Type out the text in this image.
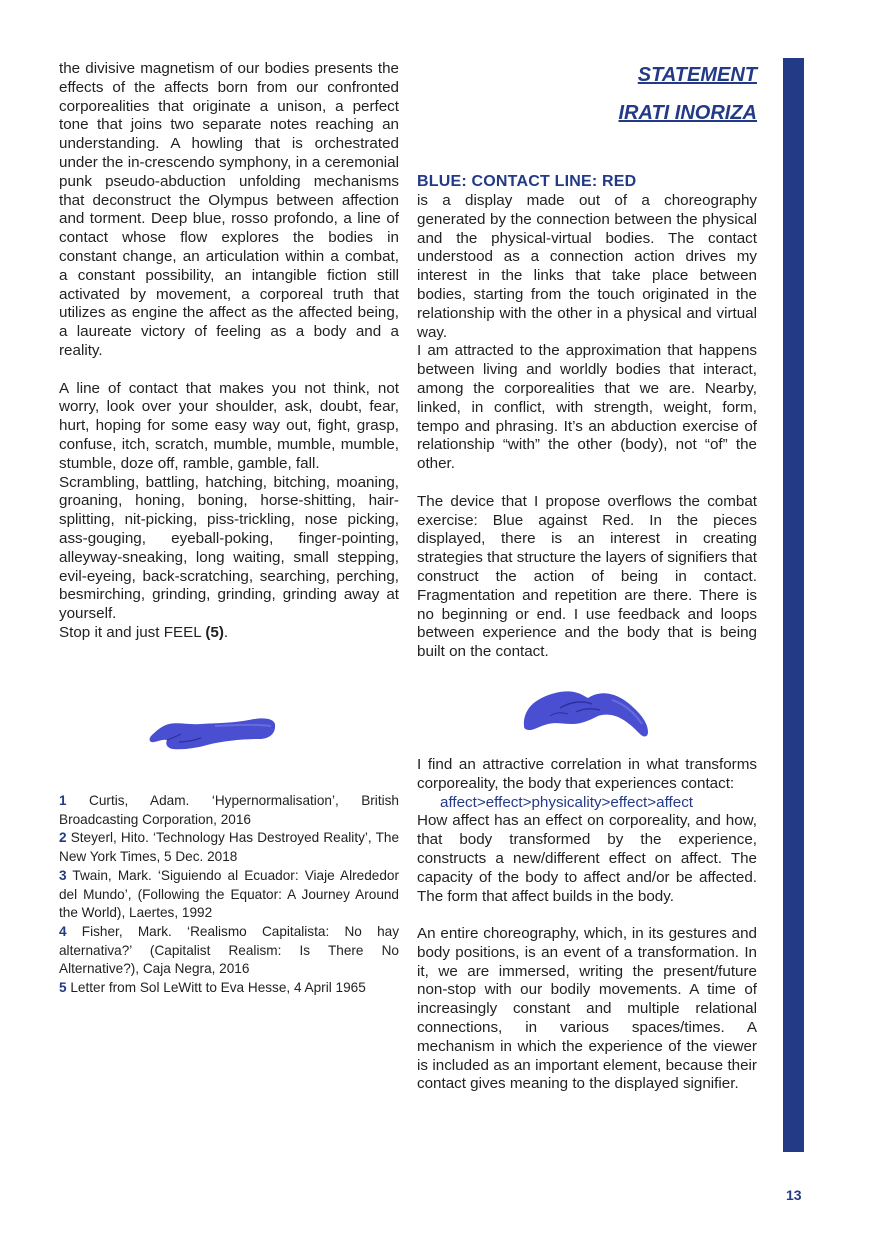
STATEMENT
IRATI INORIZA

the divisive magnetism of our bodies presents the effects of the affects born from our confronted corporealities that originate a unison, a perfect tone that joins two separate notes reaching an understanding. A howling that is orchestrated under the in-crescendo symphony, in a ceremonial punk pseudo-abduction unfolding mechanisms that deconstruct the Olympus between affection and torment. Deep blue, rosso profondo, a line of contact whose flow explores the bodies in constant change, an articulation within a combat, a constant possibility, an intangible fiction still activated by movement, a corporeal truth that utilizes as engine the affect as the affected being, a laureate victory of feeling as a body and a reality.

A line of contact that makes you not think, not worry, look over your shoulder, ask, doubt, fear, hurt, hoping for some easy way out, fight, grasp, confuse, itch, scratch, mumble, mumble, mumble, stumble, doze off, ramble, gamble, fall.

Scrambling, battling, hatching, bitching, moaning, groaning, honing, boning, horse-shitting, hair-splitting, nit-picking, piss-trickling, nose picking, ass-gouging, eyeball-poking, finger-pointing, alleyway-sneaking, long waiting, small stepping, evil-eyeing, back-scratching, searching, perching, besmirching, grinding, grinding, grinding away at yourself.

Stop it and just FEEL (5).

1 Curtis, Adam. ‘Hypernormalisation’, British Broadcasting Corporation, 2016
2 Steyerl, Hito. ‘Technology Has Destroyed Reality’, The New York Times, 5 Dec. 2018
3 Twain, Mark. ‘Siguiendo al Ecuador: Viaje Alrededor del Mundo’, (Following the Equator: A Journey Around the World), Laertes, 1992
4 Fisher, Mark. ‘Realismo Capitalista: No hay alternativa?’ (Capitalist Realism: Is There No Alternative?), Caja Negra, 2016
5 Letter from Sol LeWitt to Eva Hesse, 4 April 1965
BLUE: CONTACT LINE: RED

is a display made out of a choreography generated by the connection between the physical and the physical-virtual bodies. The contact understood as a connection action drives my interest in the links that take place between bodies, starting from the touch originated in the relationship with the other in a physical and virtual way.

I am attracted to the approximation that happens between living and worldly bodies that interact, among the corporealities that we are. Nearby, linked, in conflict, with strength, weight, form, tempo and phrasing. It’s an abduction exercise of relationship “with” the other (body), not “of” the other.

The device that I propose overflows the combat exercise: Blue against Red. In the pieces displayed, there is an interest in creating strategies that structure the layers of signifiers that construct the action of being in contact. Fragmentation and repetition are there. There is no beginning or end. I use feedback and loops between experience and the body that is being built on the contact.

I find an attractive correlation in what transforms corporeality, the body that experiences contact:

affect>effect>physicality>effect>affect

How affect has an effect on corporeality, and how, that body transformed by the experience, constructs a new/different effect on affect. The capacity of the body to affect and/or be affected. The form that affect builds in the body.

An entire choreography, which, in its gestures and body positions, is an event of a transformation. In it, we are immersed, writing the present/future non-stop with our bodily movements. A time of increasingly constant and multiple relational connections, in various spaces/times. A mechanism in which the experience of the viewer is included as an important element, because their contact gives meaning to the displayed signifier.

13
